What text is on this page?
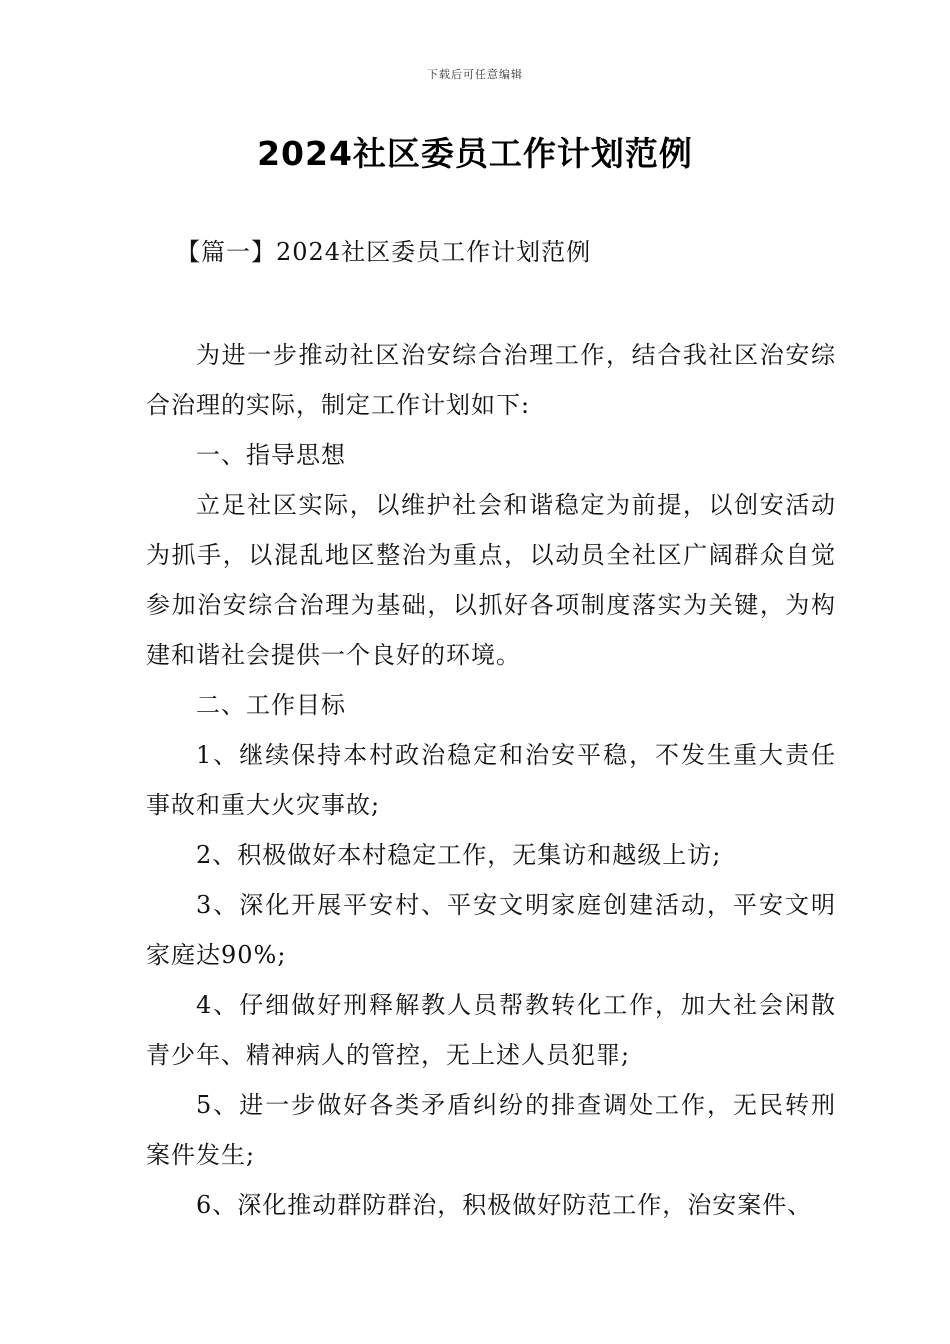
下载后可任意编辑
2024社区委员工作计划范例
【篇一】2024社区委员工作计划范例

为进一步推动社区治安综合治理工作，结合我社区治安综合治理的实际，制定工作计划如下:

一、指导思想

立足社区实际，以维护社会和谐稳定为前提，以创安活动为抓手，以混乱地区整治为重点，以动员全社区广阔群众自觉参加治安综合治理为基础，以抓好各项制度落实为关键，为构建和谐社会提供一个良好的环境。

二、工作目标

1、继续保持本村政治稳定和治安平稳，不发生重大责任事故和重大火灾事故;

2、积极做好本村稳定工作，无集访和越级上访;

3、深化开展平安村、平安文明家庭创建活动，平安文明家庭达90%;

4、仔细做好刑释解教人员帮教转化工作，加大社会闲散青少年、精神病人的管控，无上述人员犯罪;

5、进一步做好各类矛盾纠纷的排查调处工作，无民转刑案件发生;

6、深化推动群防群治，积极做好防范工作，治安案件、
